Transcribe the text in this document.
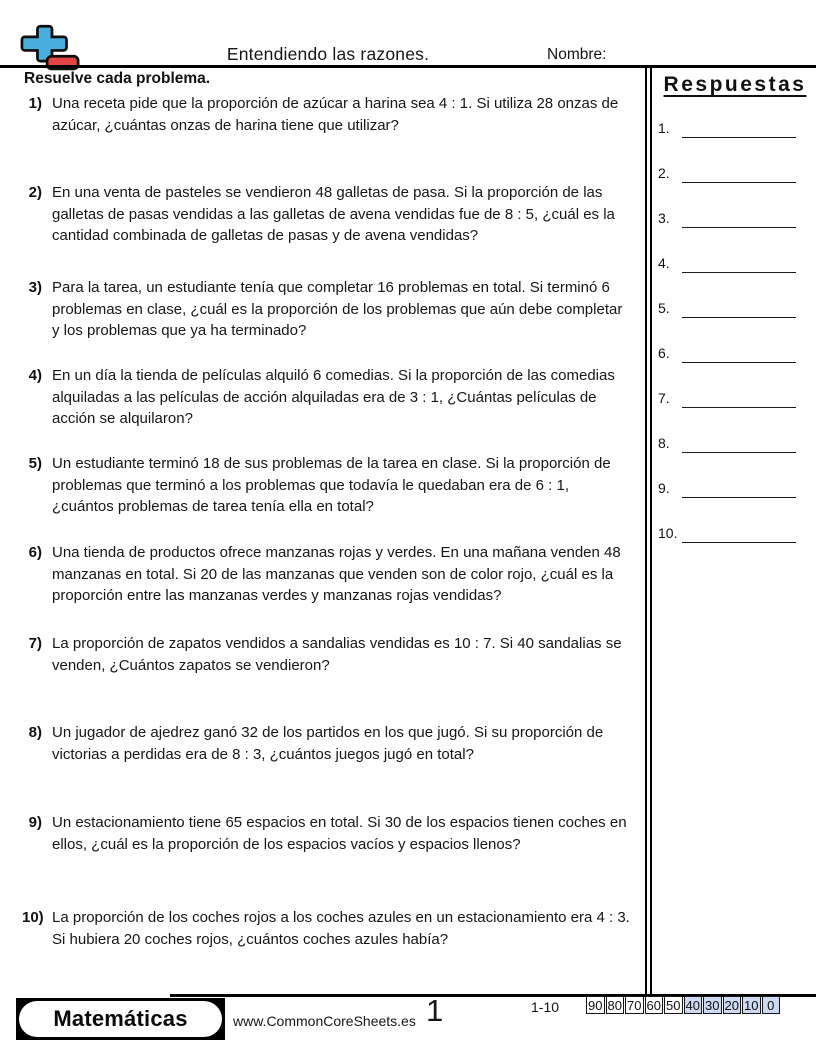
Entendiendo las razones.	Nombre:
Resuelve cada problema.
1) Una receta pide que la proporción de azúcar a harina sea 4 : 1. Si utiliza 28 onzas de azúcar, ¿cuántas onzas de harina tiene que utilizar?
2) En una venta de pasteles se vendieron 48 galletas de pasa. Si la proporción de las galletas de pasas vendidas a las galletas de avena vendidas fue de 8 : 5, ¿cuál es la cantidad combinada de galletas de pasas y de avena vendidas?
3) Para la tarea, un estudiante tenía que completar 16 problemas en total. Si terminó 6 problemas en clase, ¿cuál es la proporción de los problemas que aún debe completar y los problemas que ya ha terminado?
4) En un día la tienda de películas alquiló 6 comedias. Si la proporción de las comedias alquiladas a las películas de acción alquiladas era de 3 : 1, ¿Cuántas películas de acción se alquilaron?
5) Un estudiante terminó 18 de sus problemas de la tarea en clase. Si la proporción de problemas que terminó a los problemas que todavía le quedaban era de 6 : 1, ¿cuántos problemas de tarea tenía ella en total?
6) Una tienda de productos ofrece manzanas rojas y verdes. En una mañana venden 48 manzanas en total. Si 20 de las manzanas que venden son de color rojo, ¿cuál es la proporción entre las manzanas verdes y manzanas rojas vendidas?
7) La proporción de zapatos vendidos a sandalias vendidas es 10 : 7. Si 40 sandalias se venden, ¿Cuántos zapatos se vendieron?
8) Un jugador de ajedrez ganó 32 de los partidos en los que jugó. Si su proporción de victorias a perdidas era de 8 : 3, ¿cuántos juegos jugó en total?
9) Un estacionamiento tiene 65 espacios en total. Si 30 de los espacios tienen coches en ellos, ¿cuál es la proporción de los espacios vacíos y espacios llenos?
10) La proporción de los coches rojos a los coches azules en un estacionamiento era 4 : 3. Si hubiera 20 coches rojos, ¿cuántos coches azules había?
Respuestas
1.
2.
3.
4.
5.
6.
7.
8.
9.
10.
Matemáticas	www.CommonCoreSheets.es 1	1-10 90 80 70 60 50 40 30 20 10 0
